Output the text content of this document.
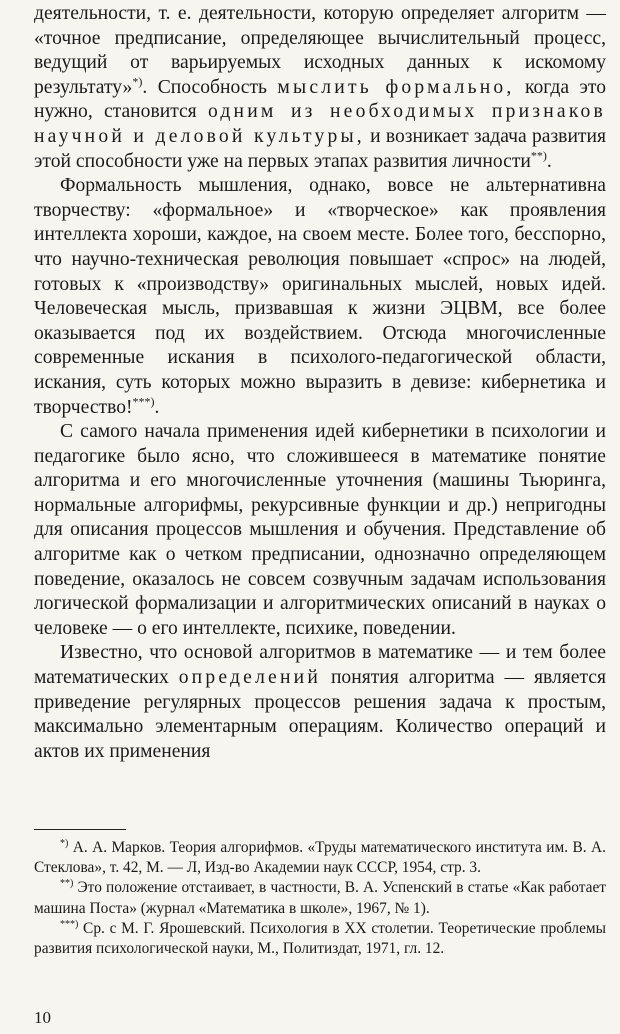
деятельности, т. е. деятельности, которую определяет алгоритм — «точное предписание, определяющее вычислительный процесс, ведущий от варьируемых исходных данных к искомому результату»*). Способность мыслить формально, когда это нужно, становится одним из необходимых признаков научной и деловой культуры, и возникает задача развития этой способности уже на первых этапах развития личности**).

Формальность мышления, однако, вовсе не альтернативна творчеству: «формальное» и «творческое» как проявления интеллекта хороши, каждое, на своем месте. Более того, бесспорно, что научно-техническая революция повышает «спрос» на людей, готовых к «производству» оригинальных мыслей, новых идей. Человеческая мысль, призвавшая к жизни ЭЦВМ, все более оказывается под их воздействием. Отсюда многочисленные современные искания в психолого-педагогической области, искания, суть которых можно выразить в девизе: кибернетика и творчество!***).

С самого начала применения идей кибернетики в психологии и педагогике было ясно, что сложившееся в математике понятие алгоритма и его многочисленные уточнения (машины Тьюринга, нормальные алгорифмы, рекурсивные функции и др.) непригодны для описания процессов мышления и обучения. Представление об алгоритме как о четком предписании, однозначно определяющем поведение, оказалось не совсем созвучным задачам использования логической формализации и алгоритмических описаний в науках о человеке — о его интеллекте, психике, поведении.

Известно, что основой алгоритмов в математике — и тем более математических определений понятия алгоритма — является приведение регулярных процессов решения задача к простым, максимально элементарным операциям. Количество операций и актов их применения

*) А. А. Марков. Теория алгорифмов. «Труды математического института им. В. А. Стеклова», т. 42, М. — Л, Изд-во Академии наук СССР, 1954, стр. 3.

**) Это положение отстаивает, в частности, В. А. Успенский в статье «Как работает машина Поста» (журнал «Математика в школе», 1967, № 1).

***) Ср. с М. Г. Ярошевский. Психология в XX столетии. Теоретические проблемы развития психологической науки, М., Политиздат, 1971, гл. 12.

10
